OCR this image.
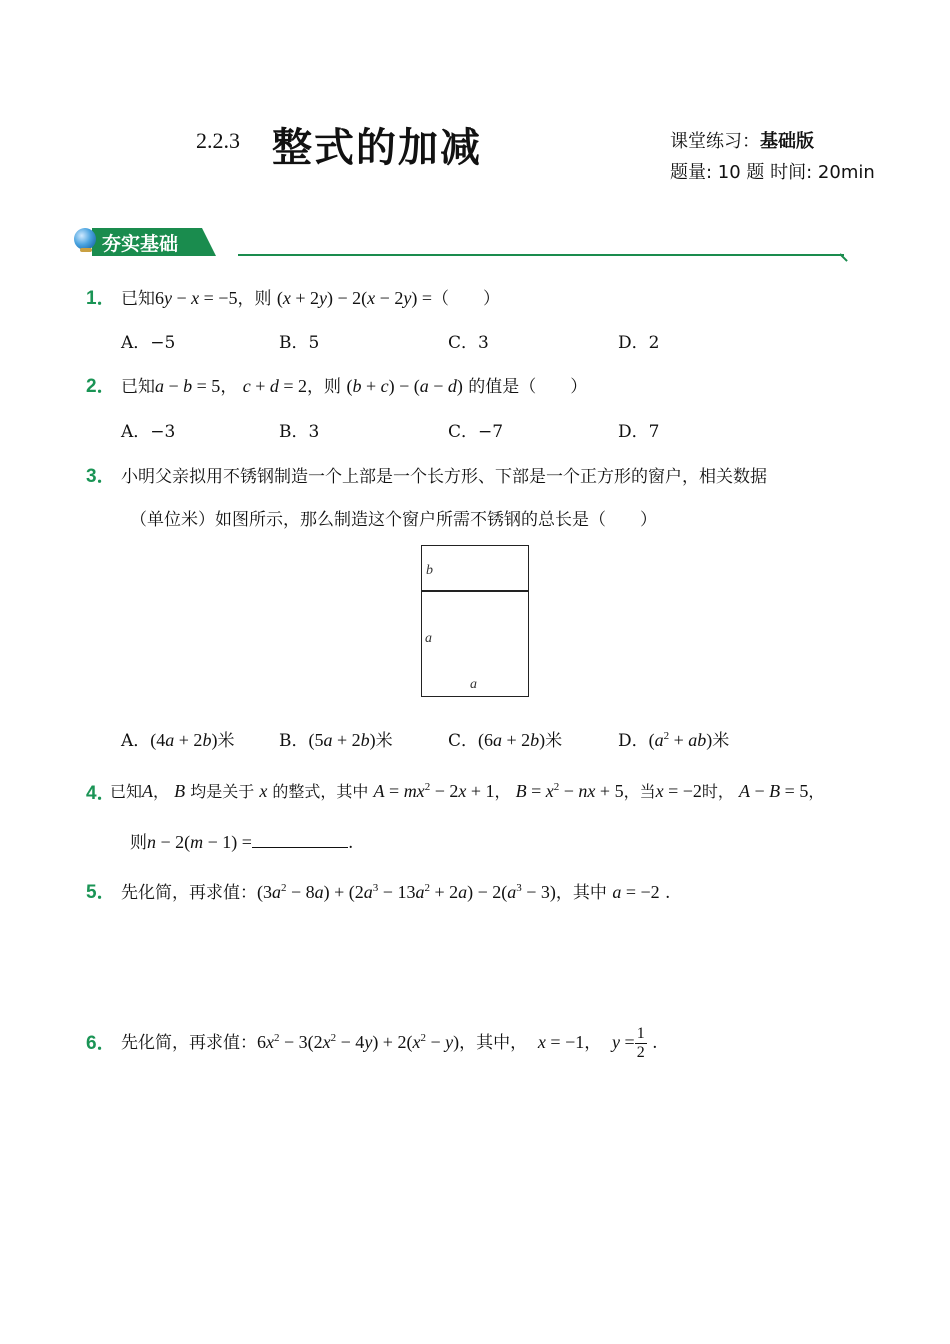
2.2.3 整式的加减	课堂练习：基础版
题量: 10 题 时间: 20min
夯实基础
1． 已知6y − x = −5，则 (x + 2y) − 2(x − 2y) =（　　）
A．−5	B．5	C．3	D．2
2． 已知a − b = 5， c + d = 2，则 (b + c) − (a − d) 的值是（　　）
A．−3	B．3	C．−7	D．7
3． 小明父亲拟用不锈钢制造一个上部是一个长方形、下部是一个正方形的窗户，相关数据
（单位米）如图所示，那么制造这个窗户所需不锈钢的总长是（　　）
b
a
a
A．(4a + 2b)米	B．(5a + 2b)米	C．(6a + 2b)米	D．$(a^2 + ab)$米
4．
已知A， B 均是关于 x 的整式，其中 $A = mx^2 - 2x + 1$， $B = x^2$ − nx + 5，当x = −2时， A − B = 5，
则n − 2(m − 1) =	.
5． 先化简，再求值：$(3a^2 - 8a) + (2a^3 - 13a^2 + 2a) - 2(a^3 - 3)$，其中 a = −2 .
6． 先化简，再求值：$6x^2 - 3(2x^2 - 4y) + 2(x^2 - y)$，其中， x = −1， $y = \frac{1}{2}$ .
